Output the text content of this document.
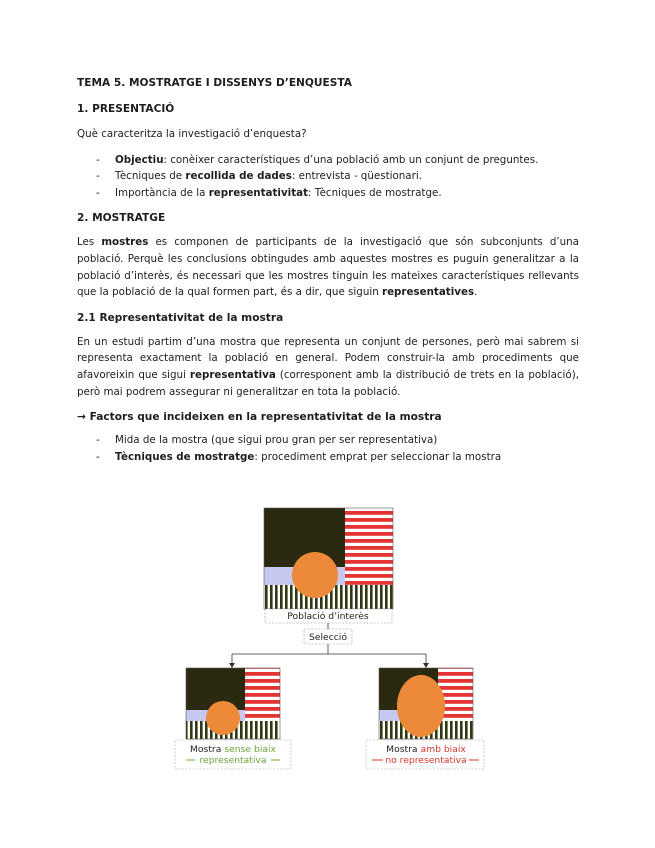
TEMA 5. MOSTRATGE I DISSENYS D’ENQUESTA

1. PRESENTACIÓ

Què caracteritza la investigació d’enquesta?

- Objectiu: conèixer característiques d’una població amb un conjunt de preguntes.
- Tècniques de recollida de dades: entrevista - qüestionari.
- Importància de la representativitat: Tècniques de mostratge.

2. MOSTRATGE

Les mostres es componen de participants de la investigació que són subconjunts d’una població. Perquè les conclusions obtingudes amb aquestes mostres es puguin generalitzar a la població d’interès, és necessari que les mostres tinguin les mateixes característiques rellevants que la població de la qual formen part, és a dir, que siguin representatives.

2.1 Representativitat de la mostra

En un estudi partim d’una mostra que representa un conjunt de persones, però mai sabrem si representa exactament la població en general. Podem construir-la amb procediments que afavoreixin que sigui representativa (corresponent amb la distribució de trets en la població), però mai podrem assegurar ni generalitzar en tota la població.

→ Factors que incideixen en la representativitat de la mostra

- Mida de la mostra (que sigui prou gran per ser representativa)
- Tècniques de mostratge: procediment emprat per seleccionar la mostra
Població d’interès
Selecció
Mostra sense biaix
representativa
Mostra amb biaix
no representativa
